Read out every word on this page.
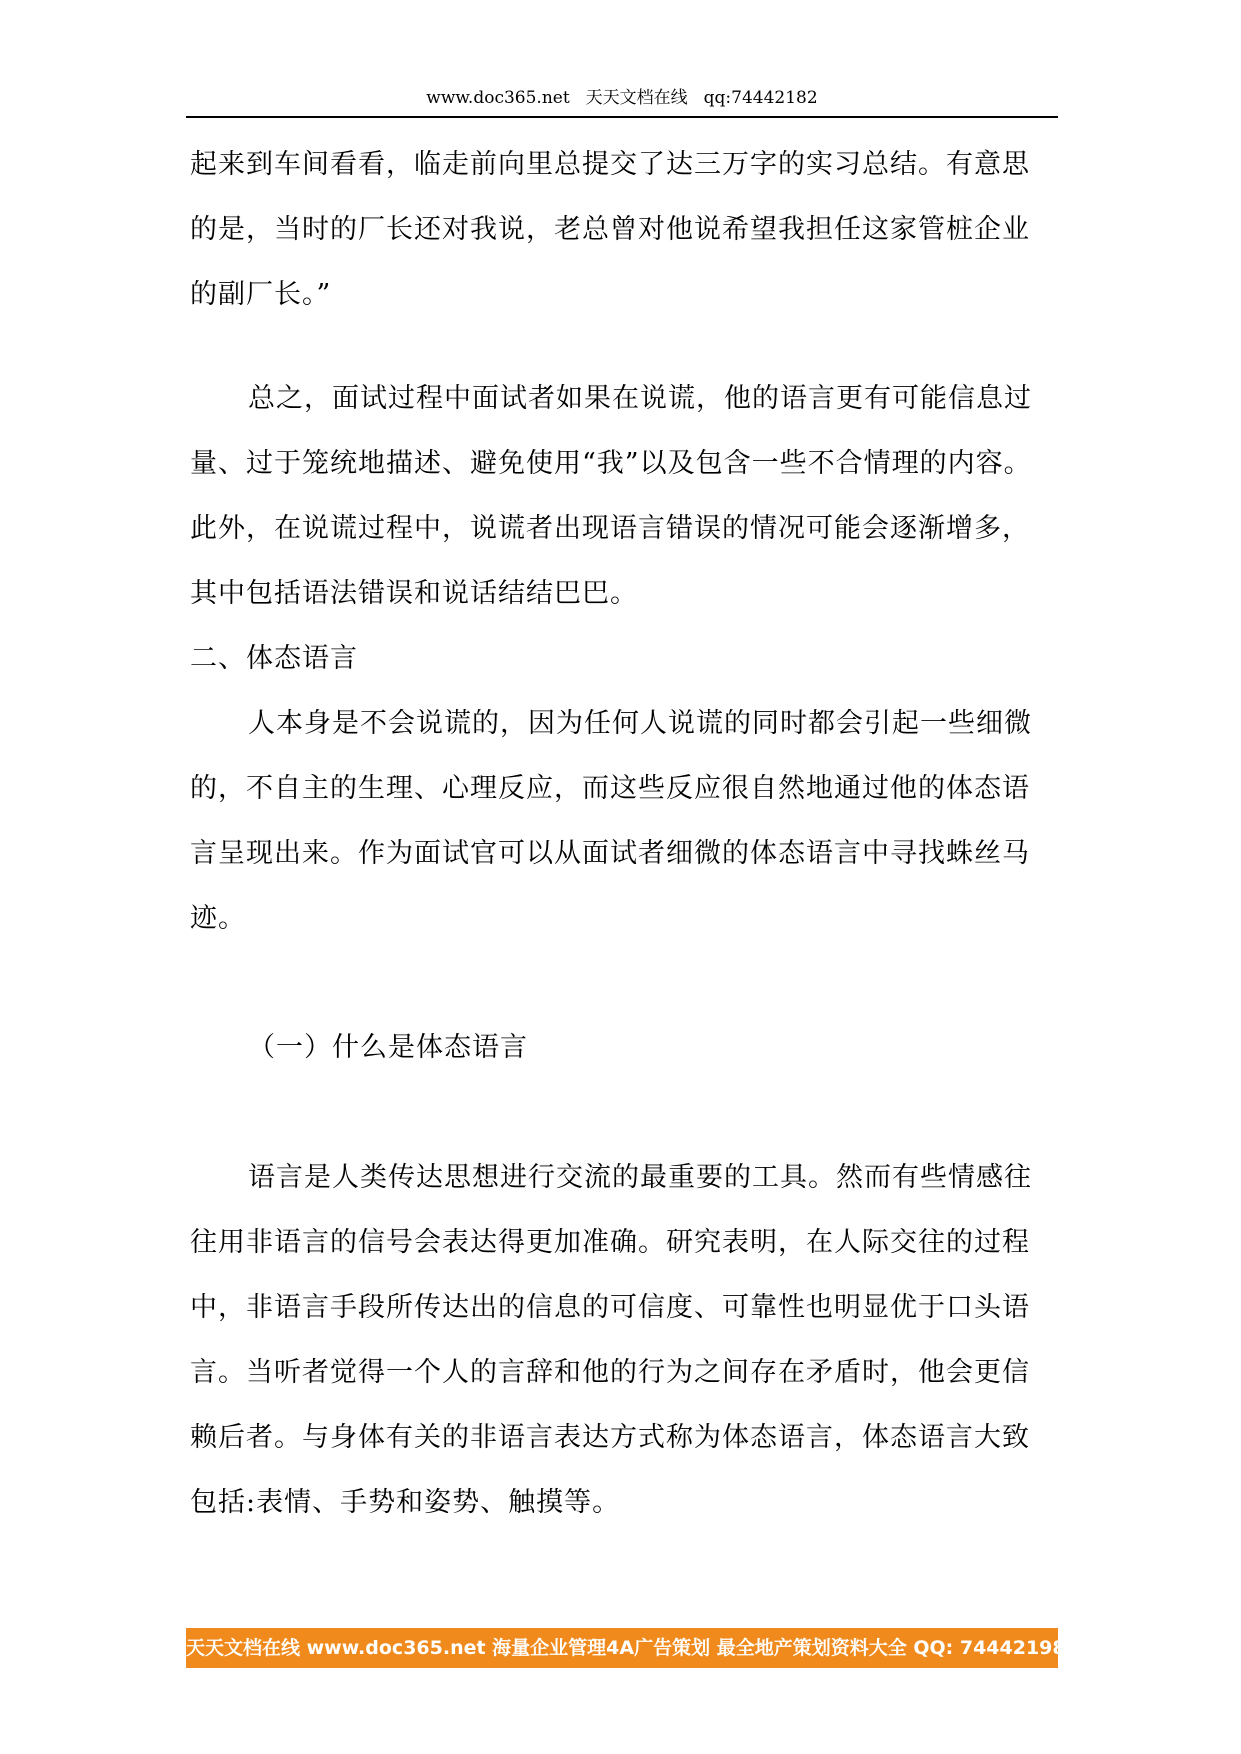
www.doc365.net 天天文档在线 qq:74442182
起来到车间看看，临走前向里总提交了达三万字的实习总结。有意思
的是，当时的厂长还对我说，老总曾对他说希望我担任这家管桩企业
的副厂长。”
总之，面试过程中面试者如果在说谎，他的语言更有可能信息过
量、过于笼统地描述、避免使用“我”以及包含一些不合情理的内容。
此外，在说谎过程中，说谎者出现语言错误的情况可能会逐渐增多，
其中包括语法错误和说话结结巴巴。
二、体态语言
人本身是不会说谎的，因为任何人说谎的同时都会引起一些细微
的，不自主的生理、心理反应，而这些反应很自然地通过他的体态语
言呈现出来。作为面试官可以从面试者细微的体态语言中寻找蛛丝马
迹。
（一）什么是体态语言
语言是人类传达思想进行交流的最重要的工具。然而有些情感往
往用非语言的信号会表达得更加准确。研究表明，在人际交往的过程
中，非语言手段所传达出的信息的可信度、可靠性也明显优于口头语
言。当听者觉得一个人的言辞和他的行为之间存在矛盾时，他会更信
赖后者。与身体有关的非语言表达方式称为体态语言，体态语言大致
包括:表情、手势和姿势、触摸等。
天天文档在线 www.doc365.net 海量企业管理4A广告策划 最全地产策划资料大全 QQ: 744421982
